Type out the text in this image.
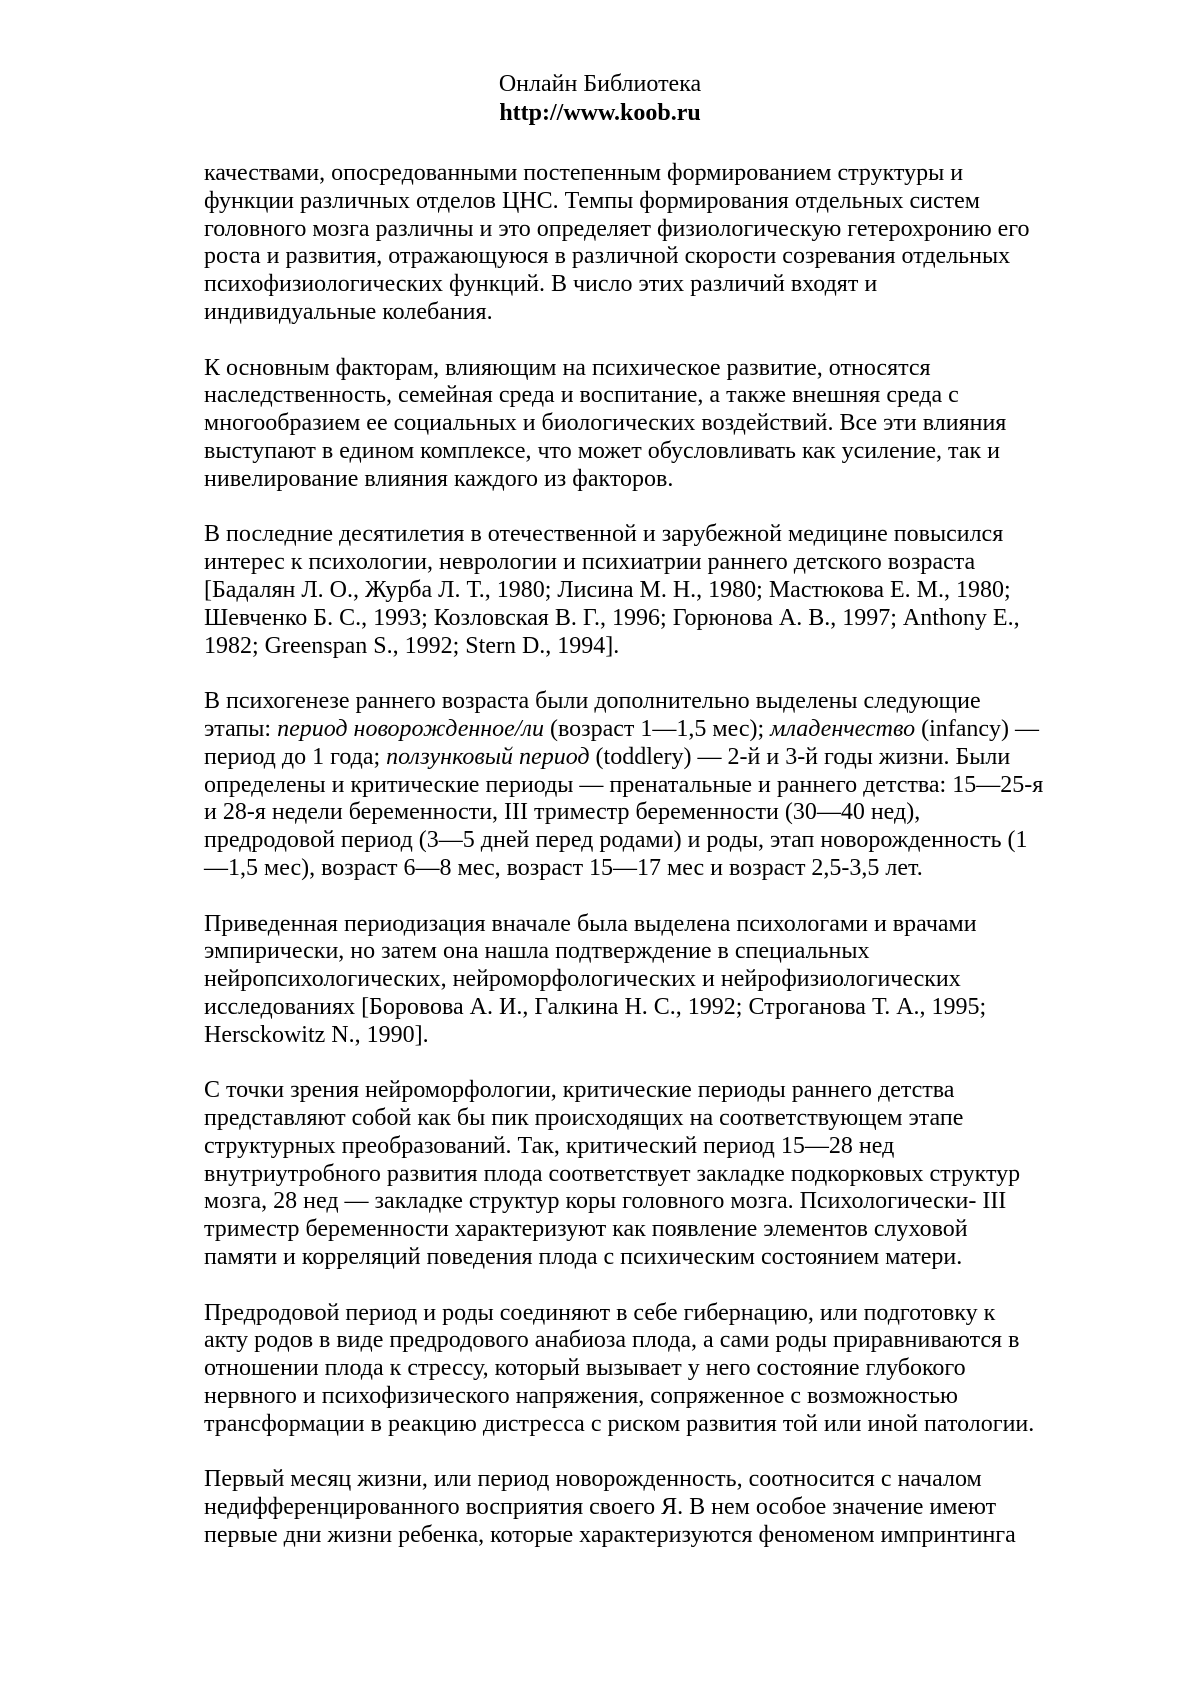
Онлайн Библиотека
http://www.koob.ru

качествами, опосредованными постепенным формированием структуры и
функции различных отделов ЦНС. Темпы формирования отдельных систем
головного мозга различны и это определяет физиологическую гетерохронию его
роста и развития, отражающуюся в различной скорости созревания отдельных
психофизиологических функций. В число этих различий входят и
индивидуальные колебания.

К основным факторам, влияющим на психическое развитие, относятся
наследственность, семейная среда и воспитание, а также внешняя среда с
многообразием ее социальных и биологических воздействий. Все эти влияния
выступают в едином комплексе, что может обусловливать как усиление, так и
нивелирование влияния каждого из факторов.

В последние десятилетия в отечественной и зарубежной медицине повысился
интерес к психологии, неврологии и психиатрии раннего детского возраста
[Бадалян Л. О., Журба Л. Т., 1980; Лисина М. Н., 1980; Мастюкова Е. М., 1980;
Шевченко Б. С., 1993; Козловская В. Г., 1996; Горюнова А. В., 1997; Anthony E.,
1982; Greenspan S., 1992; Stern D., 1994].

В психогенезе раннего возраста были дополнительно выделены следующие
этапы: период новорожденное/ли (возраст 1—1,5 мес); младенчество (infancy) —
период до 1 года; ползунковый период (toddlery) — 2-й и 3-й годы жизни. Были
определены и критические периоды — пренатальные и раннего детства: 15—25-я
и 28-я недели беременности, III триместр беременности (30—40 нед),
предродовой период (3—5 дней перед родами) и роды, этап новорожденность (1
—1,5 мес), возраст 6—8 мес, возраст 15—17 мес и возраст 2,5-3,5 лет.

Приведенная периодизация вначале была выделена психологами и врачами
эмпирически, но затем она нашла подтверждение в специальных
нейропсихологических, нейроморфологических и нейрофизиологических
исследованиях [Боровова А. И., Галкина Н. С., 1992; Строганова Т. А., 1995;
Hersckowitz N., 1990].

С точки зрения нейроморфологии, критические периоды раннего детства
представляют собой как бы пик происходящих на соответствующем этапе
структурных преобразований. Так, критический период 15—28 нед
внутриутробного развития плода соответствует закладке подкорковых структур
мозга, 28 нед — закладке структур коры головного мозга. Психологически- III
триместр беременности характеризуют как появление элементов слуховой
памяти и корреляций поведения плода с психическим состоянием матери.

Предродовой период и роды соединяют в себе гибернацию, или подготовку к
акту родов в виде предродового анабиоза плода, а сами роды приравниваются в
отношении плода к стрессу, который вызывает у него состояние глубокого
нервного и психофизического напряжения, сопряженное с возможностью
трансформации в реакцию дистресса с риском развития той или иной патологии.

Первый месяц жизни, или период новорожденность, соотносится с началом
недифференцированного восприятия своего Я. В нем особое значение имеют
первые дни жизни ребенка, которые характеризуются феноменом импринтинга
